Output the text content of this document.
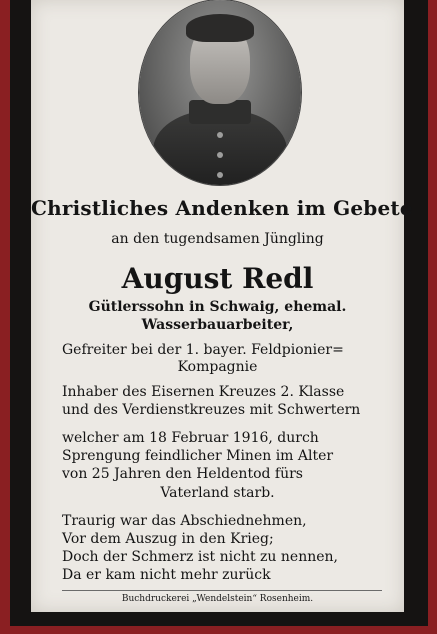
Christliches Andenken im Gebete
an den tugendsamen Jüngling
August Redl
Gütlerssohn in Schwaig, ehemal.
Wasserbauarbeiter,
Gefreiter bei der 1. bayer. Feldpionier=
Kompagnie
Inhaber des Eisernen Kreuzes 2. Klasse
und des Verdienstkreuzes mit Schwertern
welcher am 18 Februar 1916, durch
Sprengung feindlicher Minen im Alter
von 25 Jahren den Heldentod fürs
Vaterland starb.
Traurig war das Abschiednehmen,
Vor dem Auszug in den Krieg;
Doch der Schmerz ist nicht zu nennen,
Da er kam nicht mehr zurück
Buchdruckerei „Wendelstein“ Rosenheim.
